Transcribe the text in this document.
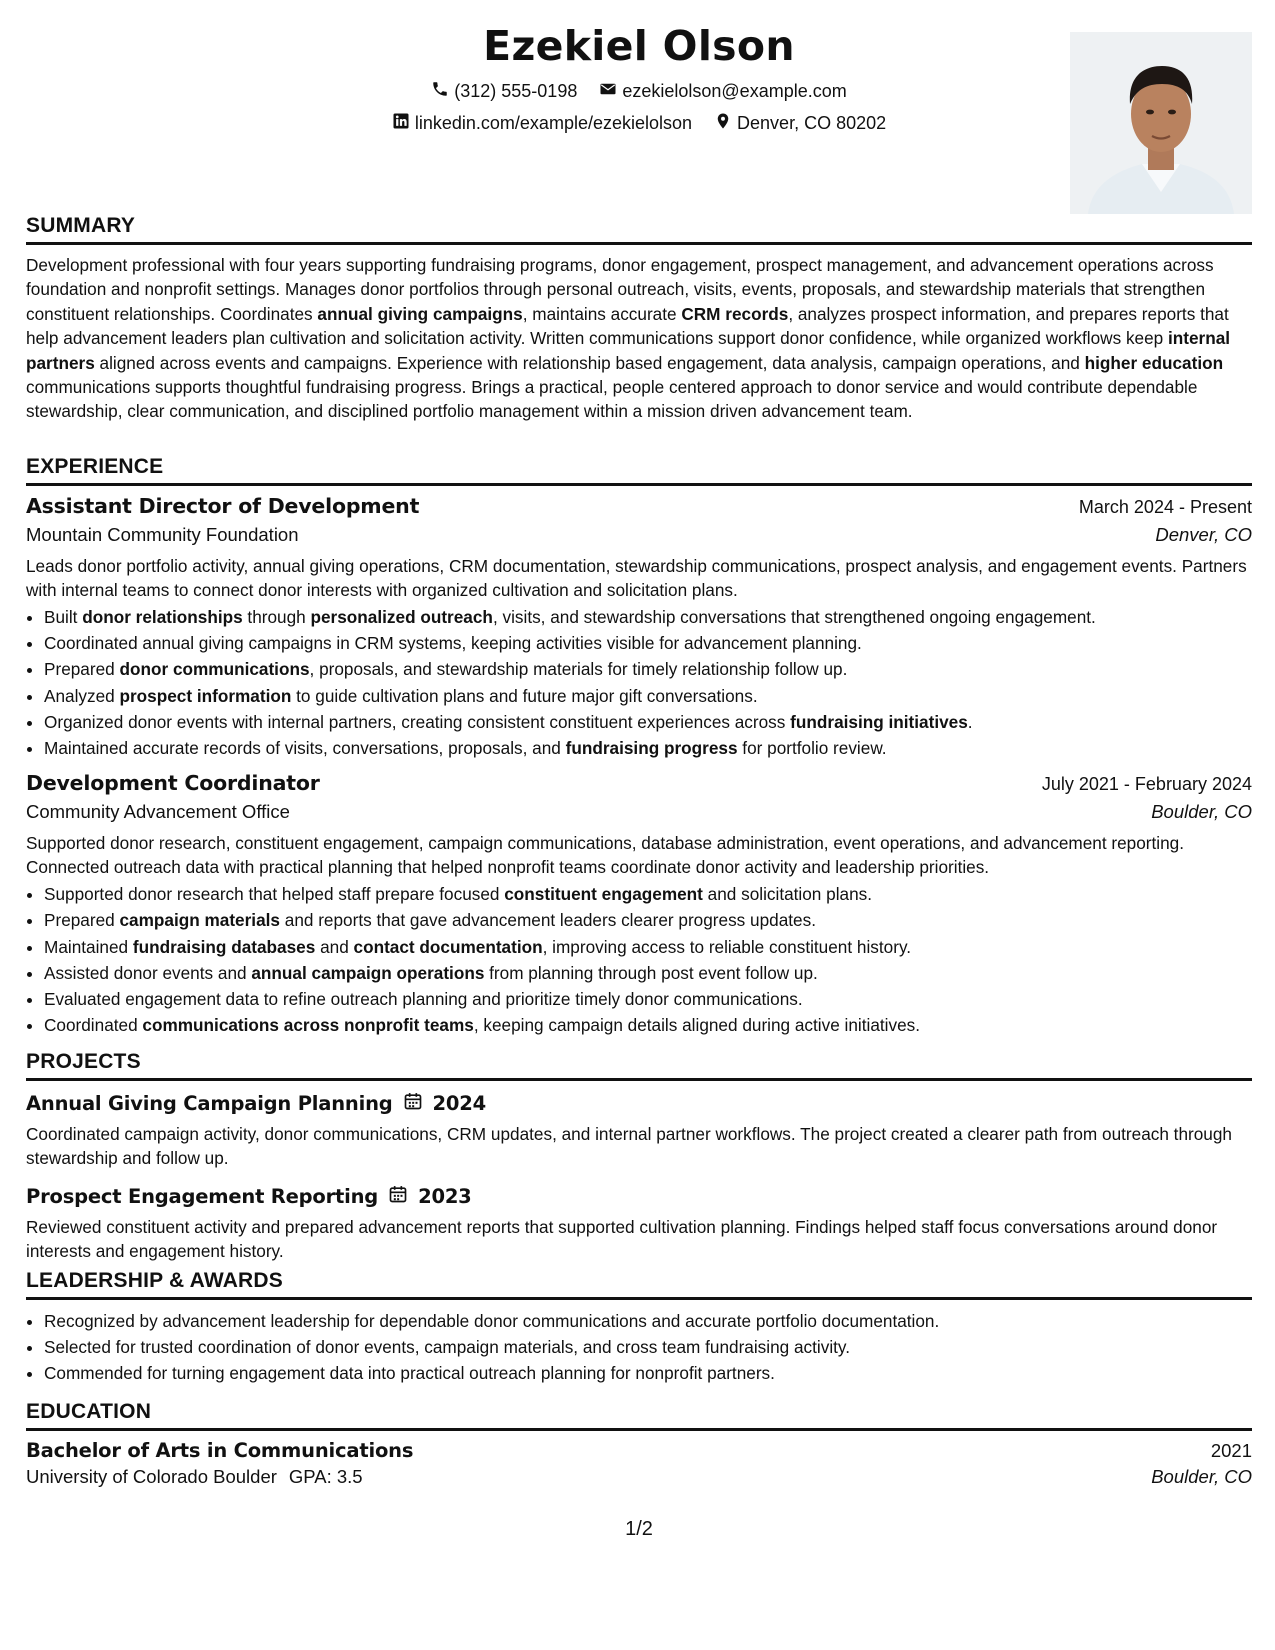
Ezekiel Olson
(312) 555-0198	ezekielolson@example.com
linkedin.com/example/ezekielolson	Denver, CO 80202
SUMMARY

Development professional with four years supporting fundraising programs, donor engagement, prospect management, and advancement operations across foundation and nonprofit settings. Manages donor portfolios through personal outreach, visits, events, proposals, and stewardship materials that strengthen constituent relationships. Coordinates annual giving campaigns, maintains accurate CRM records, analyzes prospect information, and prepares reports that help advancement leaders plan cultivation and solicitation activity. Written communications support donor confidence, while organized workflows keep internal partners aligned across events and campaigns. Experience with relationship based engagement, data analysis, campaign operations, and higher education communications supports thoughtful fundraising progress. Brings a practical, people centered approach to donor service and would contribute dependable stewardship, clear communication, and disciplined portfolio management within a mission driven advancement team.

EXPERIENCE
Assistant Director of Development	March 2024 - Present
Mountain Community Foundation	Denver, CO
Leads donor portfolio activity, annual giving operations, CRM documentation, stewardship communications, prospect analysis, and engagement events. Partners with internal teams to connect donor interests with organized cultivation and solicitation plans.
• Built donor relationships through personalized outreach, visits, and stewardship conversations that strengthened ongoing engagement.
• Coordinated annual giving campaigns in CRM systems, keeping activities visible for advancement planning.
• Prepared donor communications, proposals, and stewardship materials for timely relationship follow up.
• Analyzed prospect information to guide cultivation plans and future major gift conversations.
• Organized donor events with internal partners, creating consistent constituent experiences across fundraising initiatives.
• Maintained accurate records of visits, conversations, proposals, and fundraising progress for portfolio review.
Development Coordinator	July 2021 - February 2024
Community Advancement Office	Boulder, CO
Supported donor research, constituent engagement, campaign communications, database administration, event operations, and advancement reporting. Connected outreach data with practical planning that helped nonprofit teams coordinate donor activity and leadership priorities.
• Supported donor research that helped staff prepare focused constituent engagement and solicitation plans.
• Prepared campaign materials and reports that gave advancement leaders clearer progress updates.
• Maintained fundraising databases and contact documentation, improving access to reliable constituent history.
• Assisted donor events and annual campaign operations from planning through post event follow up.
• Evaluated engagement data to refine outreach planning and prioritize timely donor communications.
• Coordinated communications across nonprofit teams, keeping campaign details aligned during active initiatives.
PROJECTS
Annual Giving Campaign Planning 2024
Coordinated campaign activity, donor communications, CRM updates, and internal partner workflows. The project created a clearer path from outreach through stewardship and follow up.
Prospect Engagement Reporting 2023
Reviewed constituent activity and prepared advancement reports that supported cultivation planning. Findings helped staff focus conversations around donor interests and engagement history.
LEADERSHIP & AWARDS
• Recognized by advancement leadership for dependable donor communications and accurate portfolio documentation.
• Selected for trusted coordination of donor events, campaign materials, and cross team fundraising activity.
• Commended for turning engagement data into practical outreach planning for nonprofit partners.
EDUCATION
Bachelor of Arts in Communications	2021
University of Colorado Boulder GPA: 3.5	Boulder, CO
1/2
